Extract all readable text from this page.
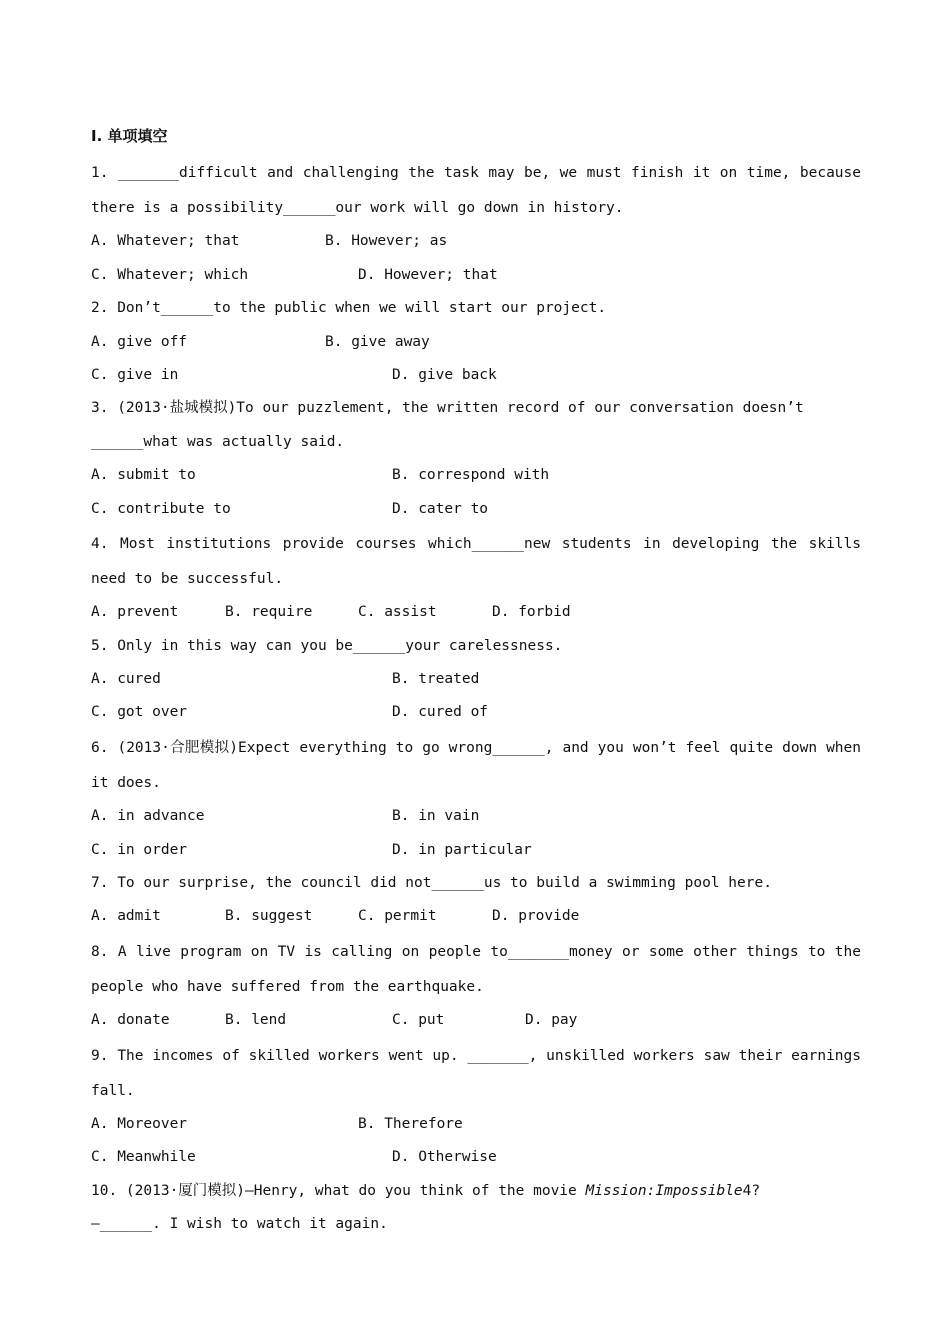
Ⅰ. 单项填空
1. _______difficult and challenging the task may be, we must finish it on time, because
there is a possibility______our work will go down in history.
A. Whatever; that	B. However; as
C. Whatever; which	D. However; that
2. Don’t______to the public when we will start our project.
A. give off	B. give away
C. give in	D. give back
3. (2013·盐城模拟)To our puzzlement, the written record of our conversation doesn’t
______what was actually said.
A. submit to	B. correspond with
C. contribute to	D. cater to
4. Most institutions provide courses which______new students in developing the skills
need to be successful.
A. prevent	B. require	C. assist	D. forbid
5. Only in this way can you be______your carelessness.
A. cured	B. treated
C. got over	D. cured of
6. (2013·合肥模拟)Expect everything to go wrong______, and you won’t feel quite down when
it does.
A. in advance	B. in vain
C. in order	D. in particular
7. To our surprise, the council did not______us to build a swimming pool here.
A. admit	B. suggest	C. permit	D. provide
8. A live program on TV is calling on people to_______money or some other things to the
people who have suffered from the earthquake.
A. donate	B. lend	C. put	D. pay
9. The incomes of skilled workers went up. _______, unskilled workers saw their earnings
fall.
A. Moreover	B. Therefore
C. Meanwhile	D. Otherwise
10. (2013·厦门模拟)—Henry, what do you think of the movie Mission:Impossible4?
—______. I wish to watch it again.
